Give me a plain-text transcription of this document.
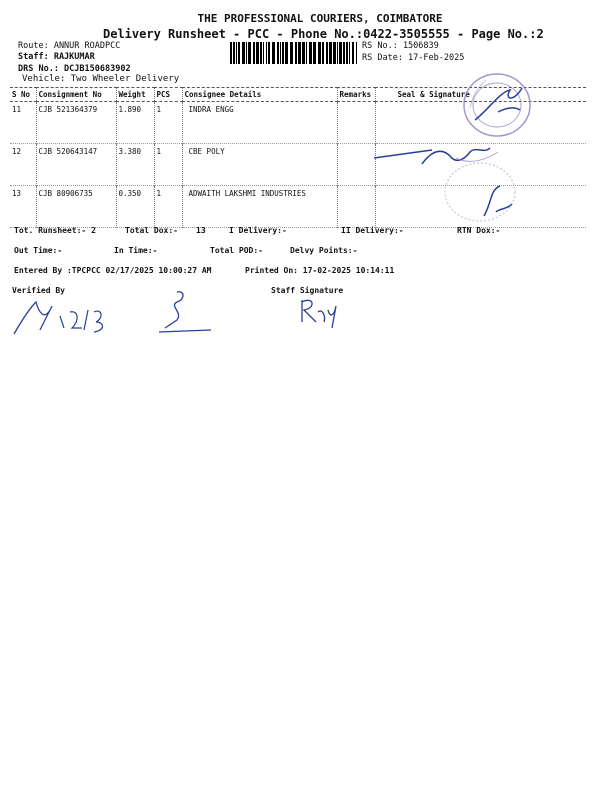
THE PROFESSIONAL COURIERS, COIMBATORE
Delivery Runsheet - PCC - Phone No.:0422-3505555 - Page No.:2
Route: ANNUR ROADPCC
Staff: RAJKUMAR
DRS No.: DCJB150683902
Vehicle: Two Wheeler Delivery
RS No.: 1506839
RS Date: 17-Feb-2025
S No	Consignment No	Weight	PCS	Consignee Details	Remarks	Seal & Signature
11	CJB 521364379	1.890	1	INDRA ENGG		
12	CJB 520643147	3.380	1	CBE POLY		
13	CJB 80906735	0.350	1	ADWAITH LAKSHMI INDUSTRIES		
Tot. Runsheet:- 2	Total Dox:- 13	I Delivery:-	II Delivery:-	RTN Dox:-
Out Time:-	In Time:-	Total POD:-	Delvy Points:-
Entered By :TPCPCC 02/17/2025 10:00:27 AM	Printed On: 17-02-2025 10:14:11
Verified By	Staff Signature
